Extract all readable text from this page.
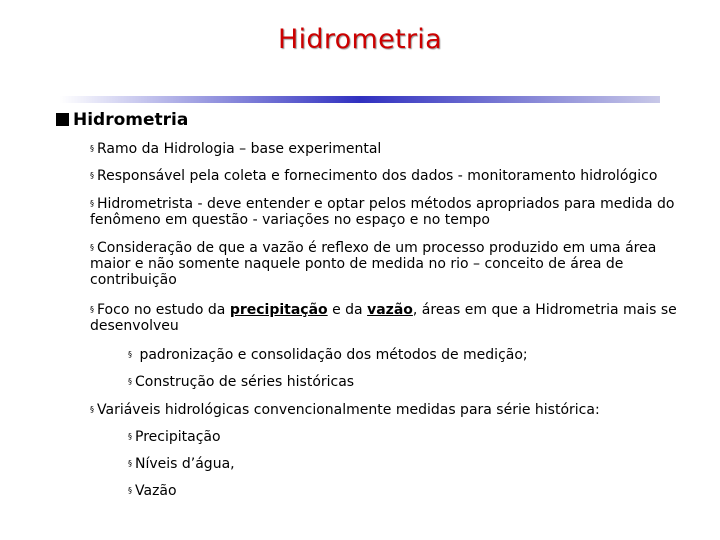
Hidrometria
Hidrometria
§ Ramo da Hidrologia – base experimental
§ Responsável pela coleta e fornecimento dos dados - monitoramento hidrológico
§ Hidrometrista - deve entender e optar pelos métodos apropriados para medida do fenômeno em questão - variações no espaço e no tempo
§ Consideração de que a vazão é reflexo de um processo produzido em uma área maior e não somente naquele ponto de medida no rio – conceito de área de contribuição
§ Foco no estudo da precipitação e da vazão, áreas em que a Hidrometria mais se desenvolveu
§ padronização e consolidação dos métodos de medição;
§ Construção de séries históricas
§ Variáveis hidrológicas convencionalmente medidas para série histórica:
§ Precipitação
§ Níveis d’água,
§ Vazão
